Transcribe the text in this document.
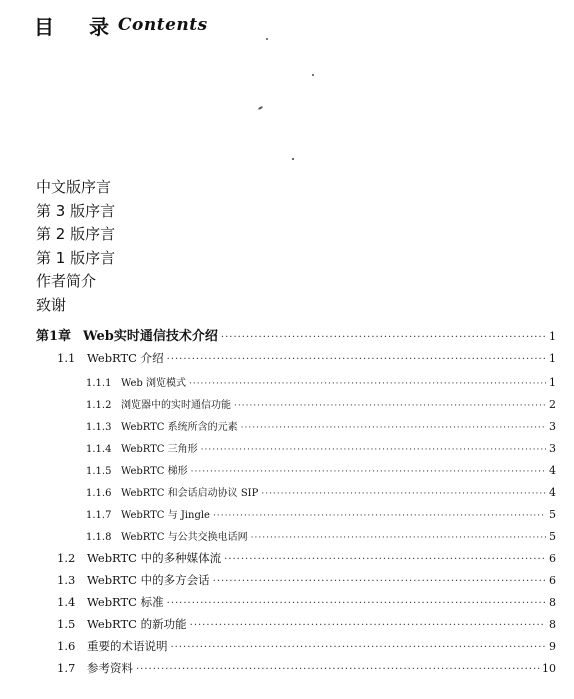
目 录 Contents
中文版序言
第 3 版序言
第 2 版序言
第 1 版序言
作者简介
致谢
第1章 Web实时通信技术介绍 ·····	1
1.1	WebRTC 介绍 ·····	1
1.1.1 Web 浏览模式 ·····	1
1.1.2 浏览器中的实时通信功能 ·····	2
1.1.3 WebRTC 系统所含的元素 ·····	3
1.1.4 WebRTC 三角形 ·····	3
1.1.5 WebRTC 梯形 ·····	4
1.1.6 WebRTC 和会话启动协议 SIP ·····	4
1.1.7 WebRTC 与 Jingle ·····	5
1.1.8 WebRTC 与公共交换电话网 ·····	5
1.2	WebRTC 中的多种媒体流 ·····	6
1.3	WebRTC 中的多方会话 ·····	6
1.4	WebRTC 标准 ·····	8
1.5	WebRTC 的新功能 ·····	8
1.6	重要的术语说明 ·····	9
1.7	参考资料 ·····	10
